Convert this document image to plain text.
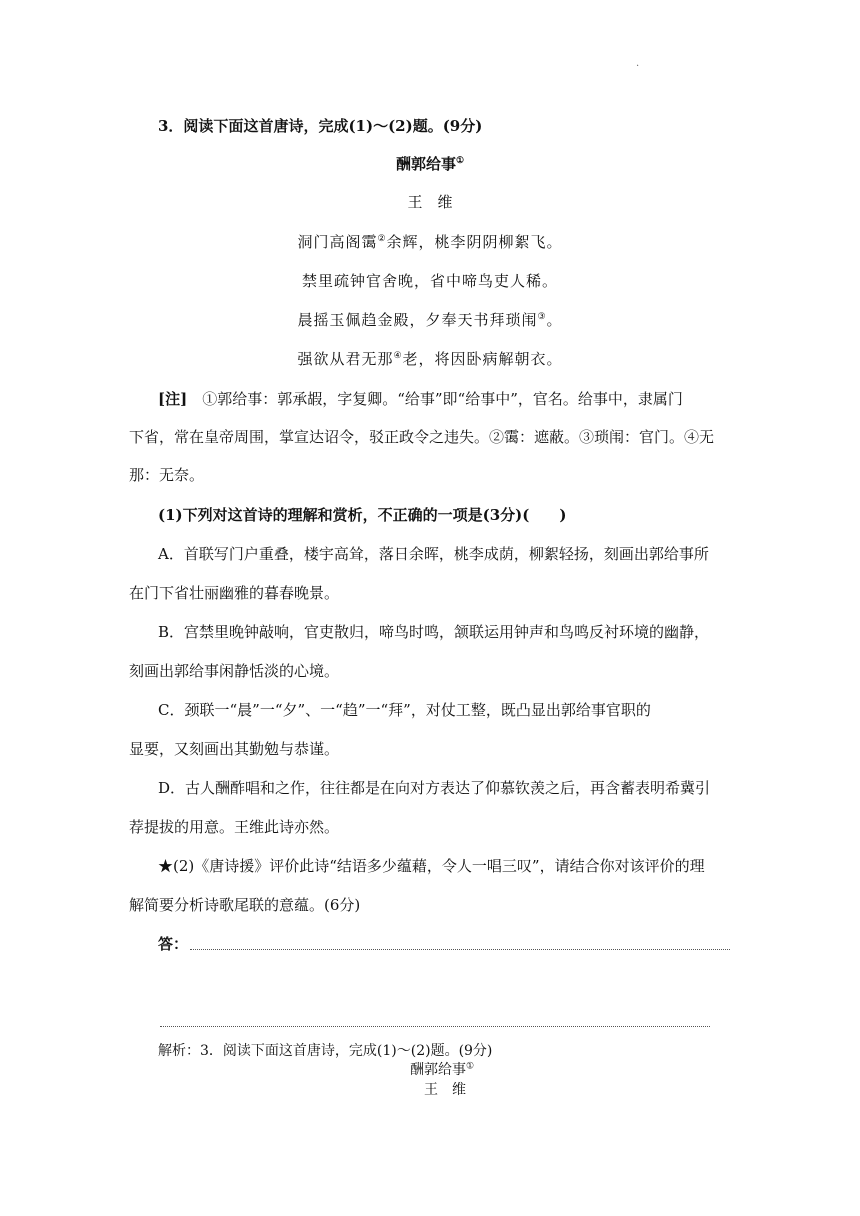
.
3．阅读下面这首唐诗，完成(1)～(2)题。(9分)
酬郭给事①
王　维
洞门高阁霭②余辉，桃李阴阴柳絮飞。
禁里疏钟官舍晚，省中啼鸟吏人稀。
晨摇玉佩趋金殿，夕奉天书拜琐闱③。
强欲从君无那④老，将因卧病解朝衣。
[注]　 ①郭给事：郭承嘏，字复卿。“给事”即“给事中”，官名。给事中，隶属门
下省，常在皇帝周围，掌宣达诏令，驳正政令之违失。②霭：遮蔽。③琐闱：官门。④无
那：无奈。
(1)下列对这首诗的理解和赏析，不正确的一项是(3分)(　　)
A．首联写门户重叠，楼宇高耸，落日余晖，桃李成荫，柳絮轻扬，刻画出郭给事所
在门下省壮丽幽雅的暮春晚景。
B．宫禁里晚钟敲响，官吏散归，啼鸟时鸣，颔联运用钟声和鸟鸣反衬环境的幽静，
刻画出郭给事闲静恬淡的心境。
C．颈联一“晨”一“夕”、一“趋”一“拜”，对仗工整，既凸显出郭给事官职的
显要，又刻画出其勤勉与恭谨。
D．古人酬酢唱和之作，往往都是在向对方表达了仰慕钦羡之后，再含蓄表明希冀引
荐提拔的用意。王维此诗亦然。
★(2)《唐诗援》评价此诗“结语多少蕴藉，令人一唱三叹”，请结合你对该评价的理
解简要分析诗歌尾联的意蕴。(6分)
答：
解析：3．阅读下面这首唐诗，完成(1)～(2)题。(9分)
酬郭给事①
王　维
